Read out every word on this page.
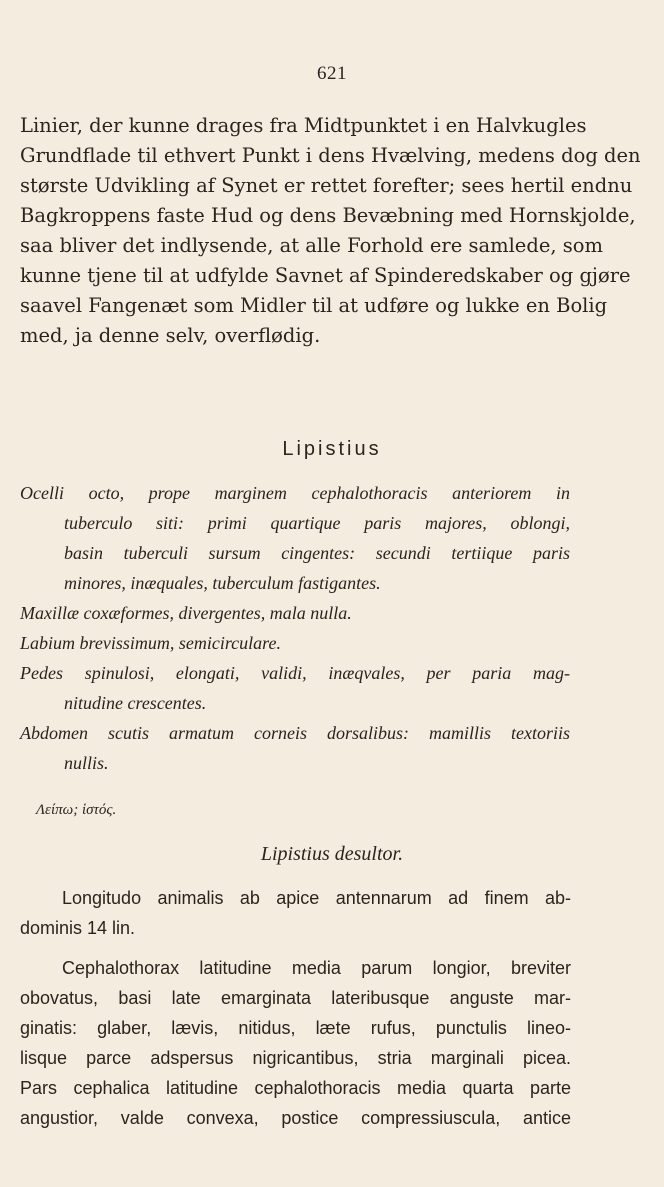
621
Linier, der kunne drages fra Midtpunktet i en Halvkugles
Grundflade til ethvert Punkt i dens Hvælving, medens dog den
største Udvikling af Synet er rettet forefter; sees hertil endnu
Bagkroppens faste Hud og dens Bevæbning med Hornskjolde,
saa bliver det indlysende, at alle Forhold ere samlede, som
kunne tjene til at udfylde Savnet af Spinderedskaber og gjøre
saavel Fangenæt som Midler til at udføre og lukke en Bolig
med, ja denne selv, overflødig.
Lipistius
Ocelli octo, prope marginem cephalothoracis anteriorem in
tuberculo siti: primi quartique paris majores, oblongi,
basin tuberculi sursum cingentes: secundi tertiique paris
minores, inæquales, tuberculum fastigantes.
Maxillæ coxæformes, divergentes, mala nulla.
Labium brevissimum, semicirculare.
Pedes spinulosi, elongati, validi, inæqvales, per paria mag-
nitudine crescentes.
Abdomen scutis armatum corneis dorsalibus: mamillis textoriis
nullis.
Λείπω; ἱστός.
Lipistius desultor.
Longitudo animalis ab apice antennarum ad finem ab-
dominis 14 lin.
Cephalothorax latitudine media parum longior, breviter
obovatus, basi late emarginata lateribusque anguste mar-
ginatis: glaber, lævis, nitidus, læte rufus, punctulis lineo-
lisque parce adspersus nigricantibus, stria marginali picea.
Pars cephalica latitudine cephalothoracis media quarta parte
angustior, valde convexa, postice compressiuscula, antice
